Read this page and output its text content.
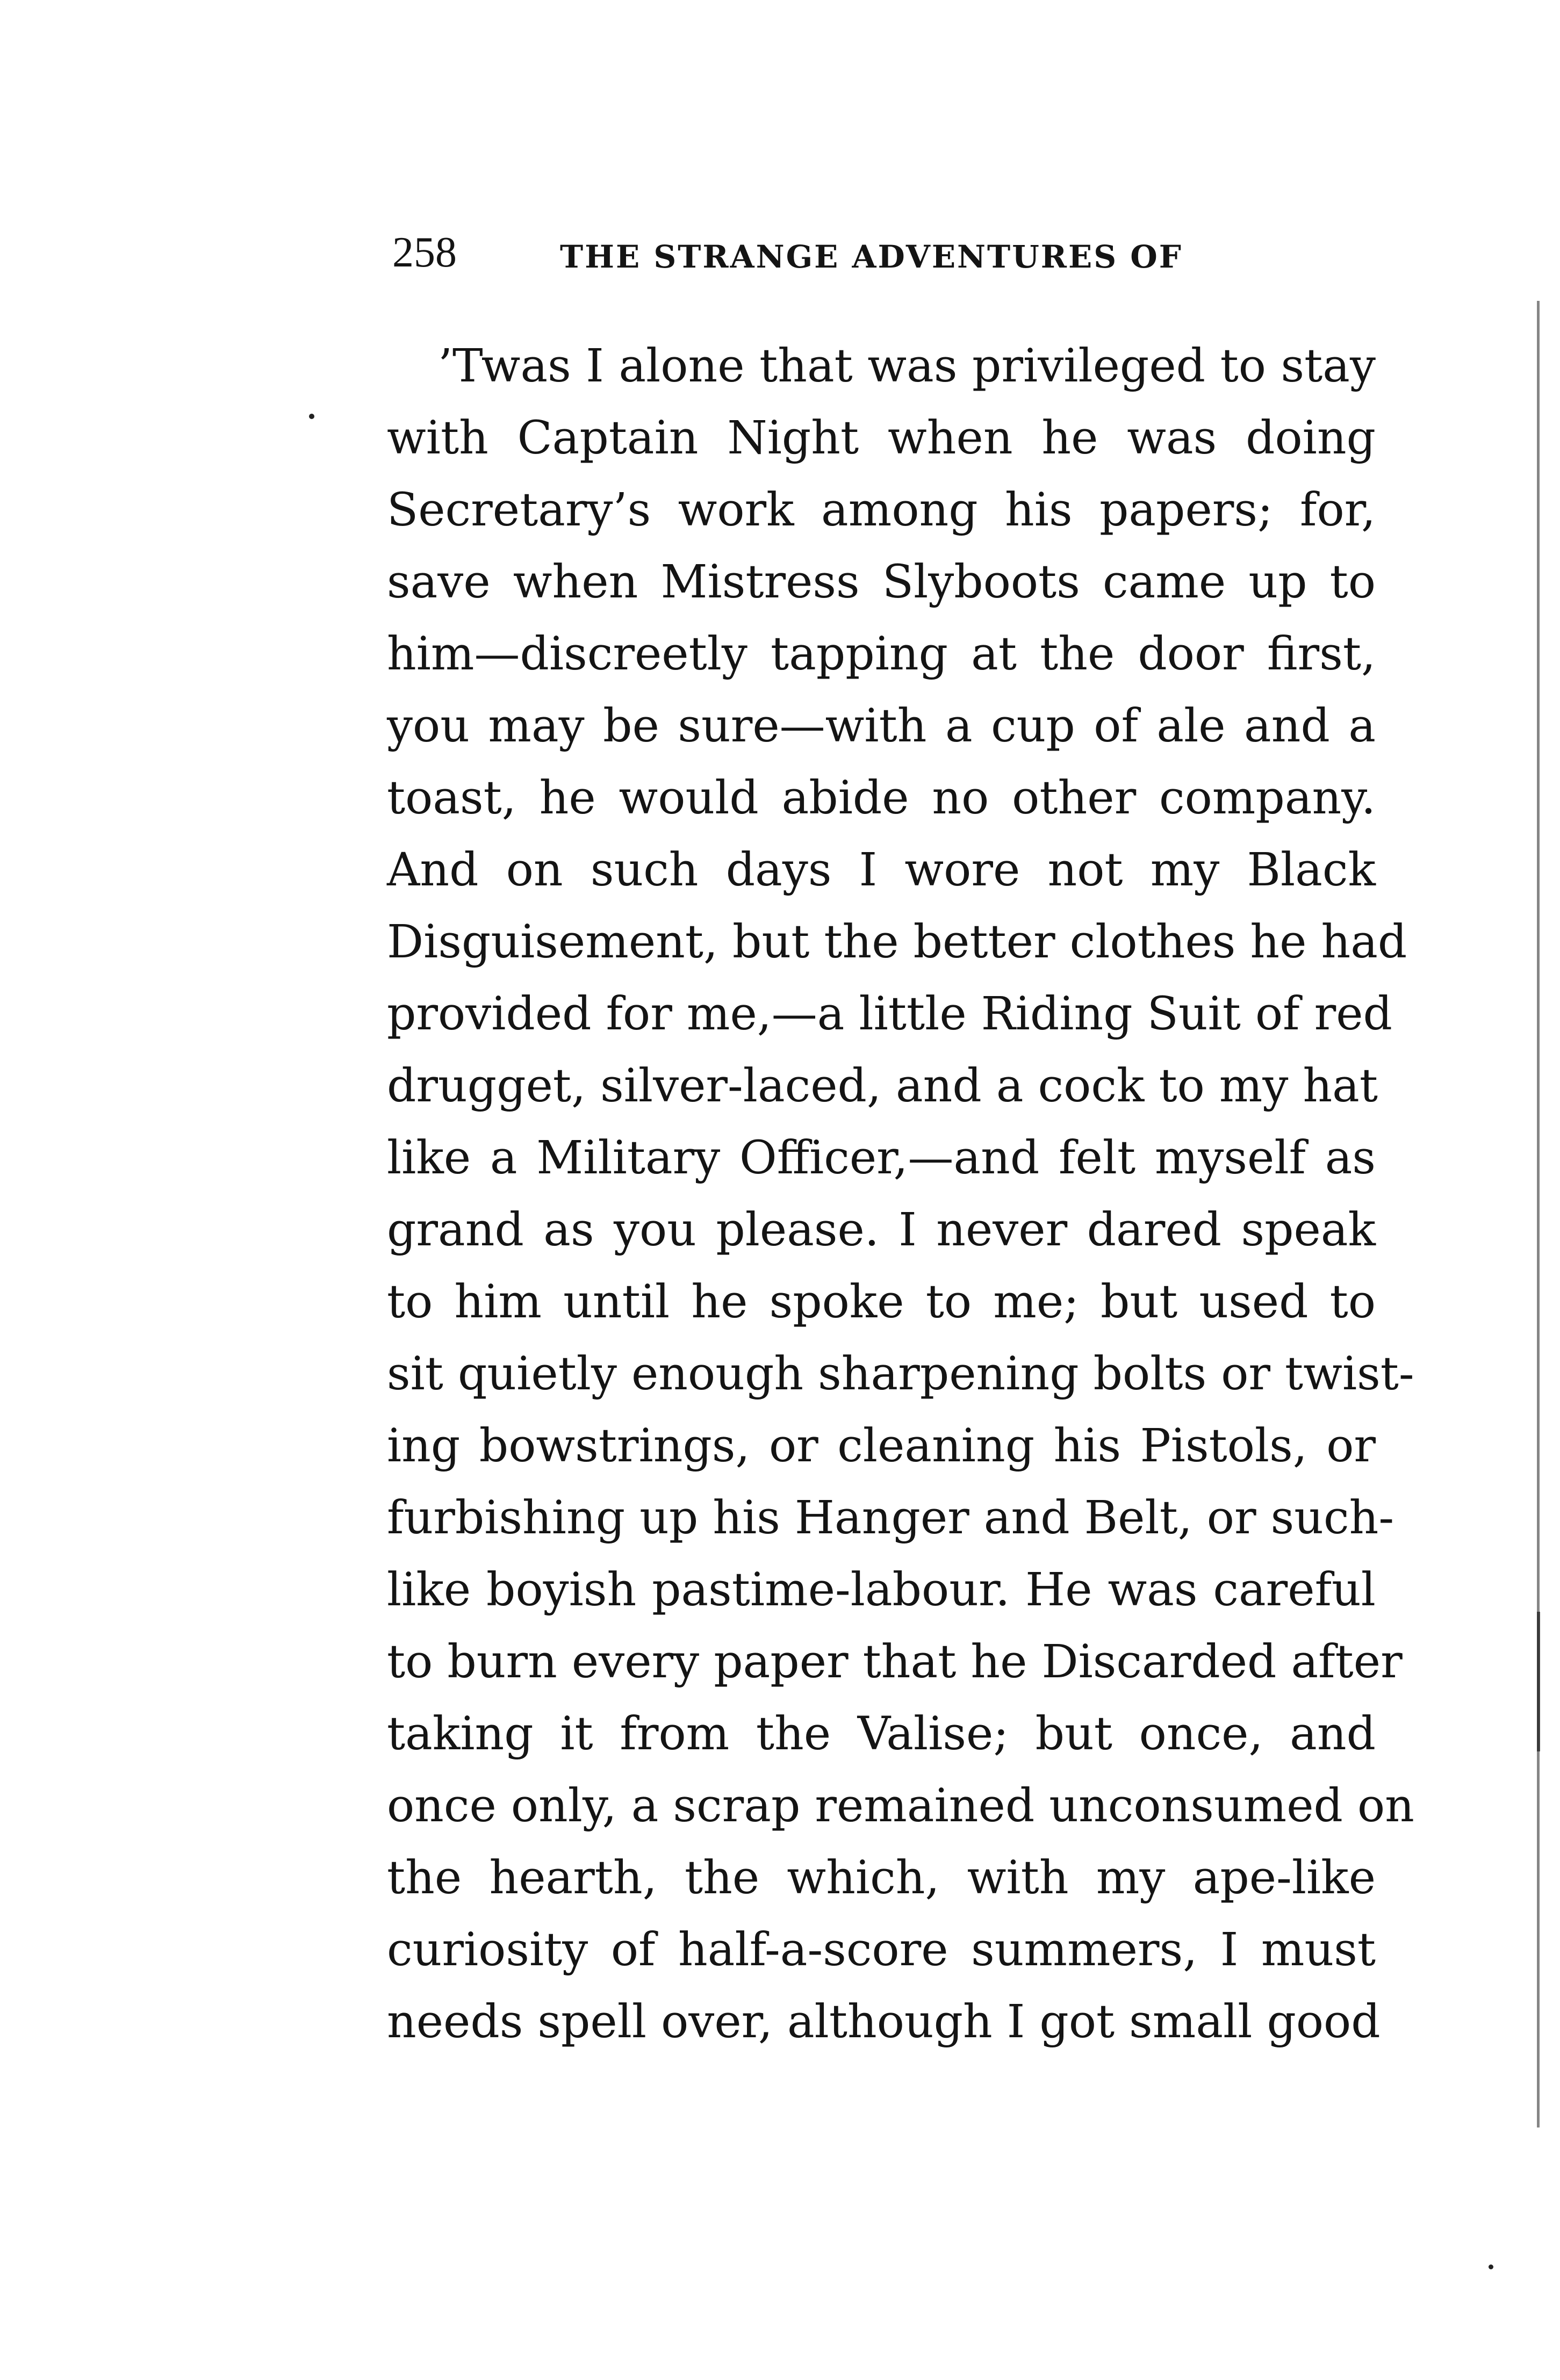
258	THE STRANGE ADVENTURES OF
’Twas I alone that was privileged to stay
with Captain Night when he was doing
Secretary’s work among his papers; for,
save when Mistress Slyboots came up to
him—discreetly tapping at the door first,
you may be sure—with a cup of ale and a
toast, he would abide no other company.
And on such days I wore not my Black
Disguisement, but the better clothes he had
provided for me,—a little Riding Suit of red
drugget, silver-laced, and a cock to my hat
like a Military Officer,—and felt myself as
grand as you please. I never dared speak
to him until he spoke to me; but used to
sit quietly enough sharpening bolts or twist-
ing bowstrings, or cleaning his Pistols, or
furbishing up his Hanger and Belt, or such-
like boyish pastime-labour. He was careful
to burn every paper that he Discarded after
taking it from the Valise; but once, and
once only, a scrap remained unconsumed on
the hearth, the which, with my ape-like
curiosity of half-a-score summers, I must
needs spell over, although I got small good
